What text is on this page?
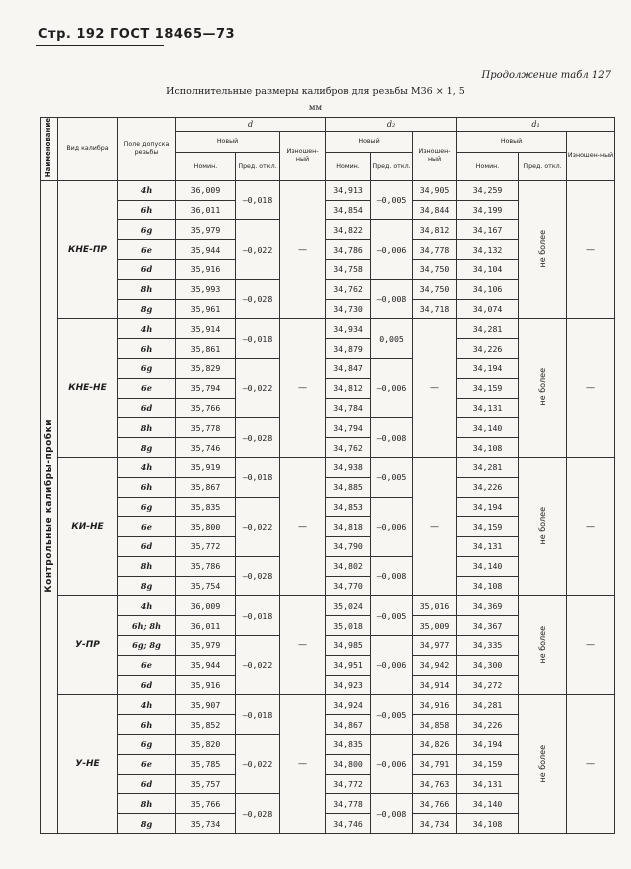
Стр. 192 ГОСТ 18465—73
Продолжение табл 127
Исполнительные размеры калибров для резьбы М36 × 1, 5
мм
Наименование	Вид калибра	Поле допуска резьбы	d			d₂			d₁		
			Новый		Изношен-ный	Новый		Изношен-ный	Новый		Изношен-ный
			Номин.	Пред. откл.		Номин.	Пред. откл.		Номин.	Пред. откл.	
Контрольные калибры-пробки	КНЕ-ПР	4h	36,009	—0,018	—	34,913	—0,005	34,905	34,259	не более	—
		6h	36,011			34,854		34,844	34,199		
		6g	35,979	—0,022		34,822	—0,006	34,812	34,167		
		6e	35,944			34,786		34,778	34,132		
		6d	35,916			34,758		34,750	34,104		
		8h	35,993	—0,028		34,762	—0,008	34,750	34,106		
		8g	35,961			34,730		34,718	34,074		
	КНЕ-НЕ	4h	35,914	—0,018	—	34,934	0,005	—	34,281	не более	—
		6h	35,861			34,879			34,226		
		6g	35,829	—0,022		34,847	—0,006		34,194		
		6e	35,794			34,812			34,159		
		6d	35,766			34,784			34,131		
		8h	35,778	—0,028		34,794	—0,008		34,140		
		8g	35,746			34,762			34,108		
	КИ-НЕ	4h	35,919	—0,018	—	34,938	—0,005	—	34,281	не более	—
		6h	35,867			34,885			34,226		
		6g	35,835	—0,022		34,853	—0,006		34,194		
		6e	35,800			34,818			34,159		
		6d	35,772			34,790			34,131		
		8h	35,786	—0,028		34,802	—0,008		34,140		
		8g	35,754			34,770			34,108		
	У-ПР	4h	36,009	—0,018	—	35,024	—0,005	35,016	34,369	не более	—
		6h; 8h	36,011			35,018		35,009	34,367		
		6g; 8g	35,979	—0,022		34,985	—0,006	34,977	34,335		
		6e	35,944			34,951		34,942	34,300		
		6d	35,916			34,923		34,914	34,272		
	У-НЕ	4h	35,907	—0,018	—	34,924	—0,005	34,916	34,281	не более	—
		6h	35,852			34,867		34,858	34,226		
		6g	35,820	—0,022		34,835	—0,006	34,826	34,194		
		6e	35,785			34,800		34,791	34,159		
		6d	35,757			34,772		34,763	34,131		
		8h	35,766	—0,028		34,778	—0,008	34,766	34,140		
		8g	35,734			34,746		34,734	34,108		
